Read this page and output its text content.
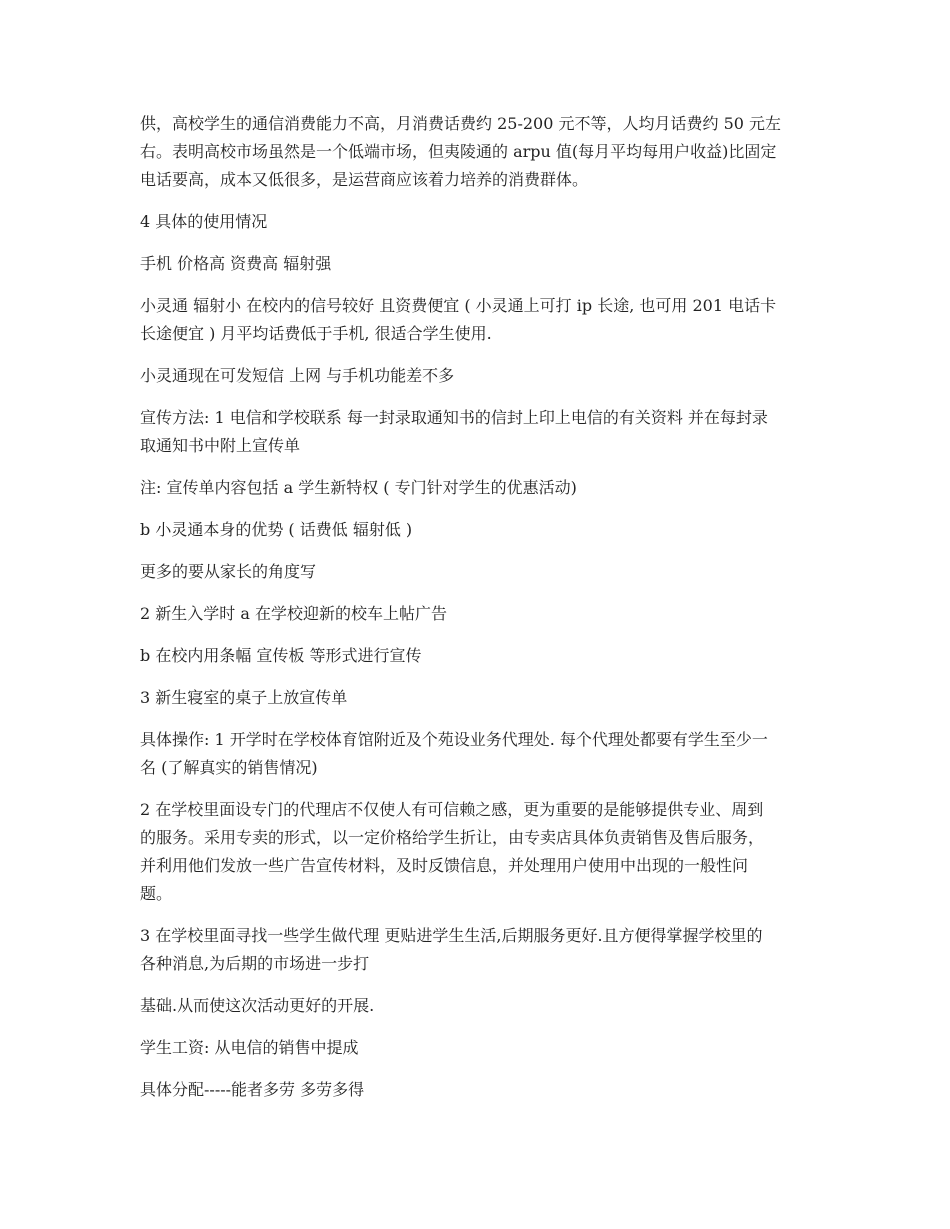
供，高校学生的通信消费能力不高，月消费话费约 25-200 元不等，人均月话费约 50 元左
右。表明高校市场虽然是一个低端市场，但夷陵通的 arpu 值(每月平均每用户收益)比固定
电话要高，成本又低很多，是运营商应该着力培养的消费群体。

4 具体的使用情况

手机 价格高 资费高 辐射强

小灵通 辐射小 在校内的信号较好 且资费便宜 ( 小灵通上可打 ip 长途, 也可用 201 电话卡
长途便宜 ) 月平均话费低于手机, 很适合学生使用.

小灵通现在可发短信 上网 与手机功能差不多

宣传方法: 1 电信和学校联系 每一封录取通知书的信封上印上电信的有关资料 并在每封录
取通知书中附上宣传单

注: 宣传单内容包括 a 学生新特权 ( 专门针对学生的优惠活动)

b 小灵通本身的优势 ( 话费低 辐射低 )

更多的要从家长的角度写

2 新生入学时 a 在学校迎新的校车上帖广告

b 在校内用条幅 宣传板 等形式进行宣传

3 新生寝室的桌子上放宣传单

具体操作: 1 开学时在学校体育馆附近及个苑设业务代理处. 每个代理处都要有学生至少一
名 (了解真实的销售情况)

2 在学校里面设专门的代理店不仅使人有可信赖之感，更为重要的是能够提供专业、周到
的服务。采用专卖的形式，以一定价格给学生折让，由专卖店具体负责销售及售后服务，
并利用他们发放一些广告宣传材料，及时反馈信息，并处理用户使用中出现的一般性问
题。

3 在学校里面寻找一些学生做代理 更贴进学生生活,后期服务更好.且方便得掌握学校里的
各种消息,为后期的市场进一步打

基础.从而使这次活动更好的开展.

学生工资: 从电信的销售中提成

具体分配-----能者多劳 多劳多得
